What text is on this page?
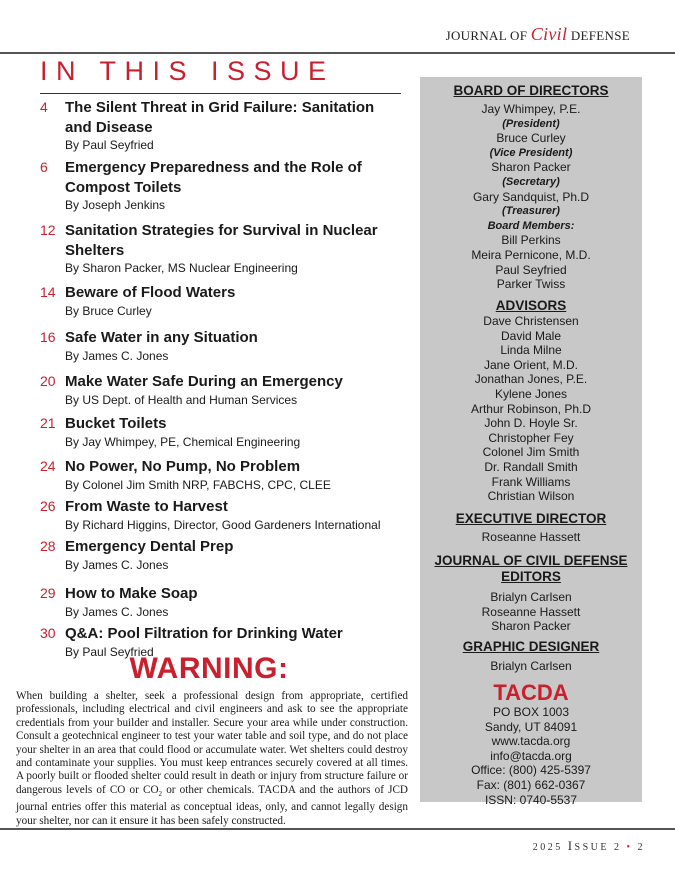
JOURNAL OF Civil DEFENSE
IN THIS ISSUE
4	The Silent Threat in Grid Failure: Sanitation and Disease
By Paul Seyfried
6	Emergency Preparedness and the Role of Compost Toilets
By Joseph Jenkins
12 Sanitation Strategies for Survival in Nuclear Shelters
By Sharon Packer, MS Nuclear Engineering
14 Beware of Flood Waters
By Bruce Curley
16 Safe Water in any Situation
By James C. Jones
20 Make Water Safe During an Emergency
By US Dept. of Health and Human Services
21 Bucket Toilets
By Jay Whimpey, PE, Chemical Engineering
24 No Power, No Pump, No Problem
By Colonel Jim Smith NRP, FABCHS, CPC, CLEE
26 From Waste to Harvest
By Richard Higgins, Director, Good Gardeners International
28 Emergency Dental Prep
By James C. Jones
29 How to Make Soap
By James C. Jones
30 Q&A: Pool Filtration for Drinking Water
By Paul Seyfried
WARNING:
When building a shelter, seek a professional design from appropriate, certified professionals, including electrical and civil engineers and ask to see the appropriate credentials from your builder and installer. Secure your area while under construction. Consult a geotechnical engineer to test your water table and soil type, and do not place your shelter in an area that could flood or accumulate water. Wet shelters could destroy and contaminate your supplies. You must keep entrances securely covered at all times. A poorly built or flooded shelter could result in death or injury from structure failure or dangerous levels of CO or $CO_2$ or other chemicals. TACDA and the authors of JCD journal entries offer this material as conceptual ideas, only, and cannot legally design your shelter, nor can it ensure it has been safely constructed.
BOARD OF DIRECTORS
Jay Whimpey, P.E.
(President)
Bruce Curley
(Vice President)
Sharon Packer
(Secretary)
Gary Sandquist, Ph.D
(Treasurer)
Board Members:
Bill Perkins
Meira Pernicone, M.D.
Paul Seyfried
Parker Twiss
ADVISORS
Dave Christensen
David Male
Linda Milne
Jane Orient, M.D.
Jonathan Jones, P.E.
Kylene Jones
Arthur Robinson, Ph.D
John D. Hoyle Sr.
Christopher Fey
Colonel Jim Smith
Dr. Randall Smith
Frank Williams
Christian Wilson
EXECUTIVE DIRECTOR
Roseanne Hassett
JOURNAL OF CIVIL DEFENSE
EDITORS
Brialyn Carlsen
Roseanne Hassett
Sharon Packer
GRAPHIC DESIGNER
Brialyn Carlsen
TACDA
PO BOX 1003
Sandy, UT 84091
www.tacda.org
info@tacda.org
Office: (800) 425-5397
Fax: (801) 662-0367
ISSN: 0740-5537
2025 ISSUE 2 • 2
